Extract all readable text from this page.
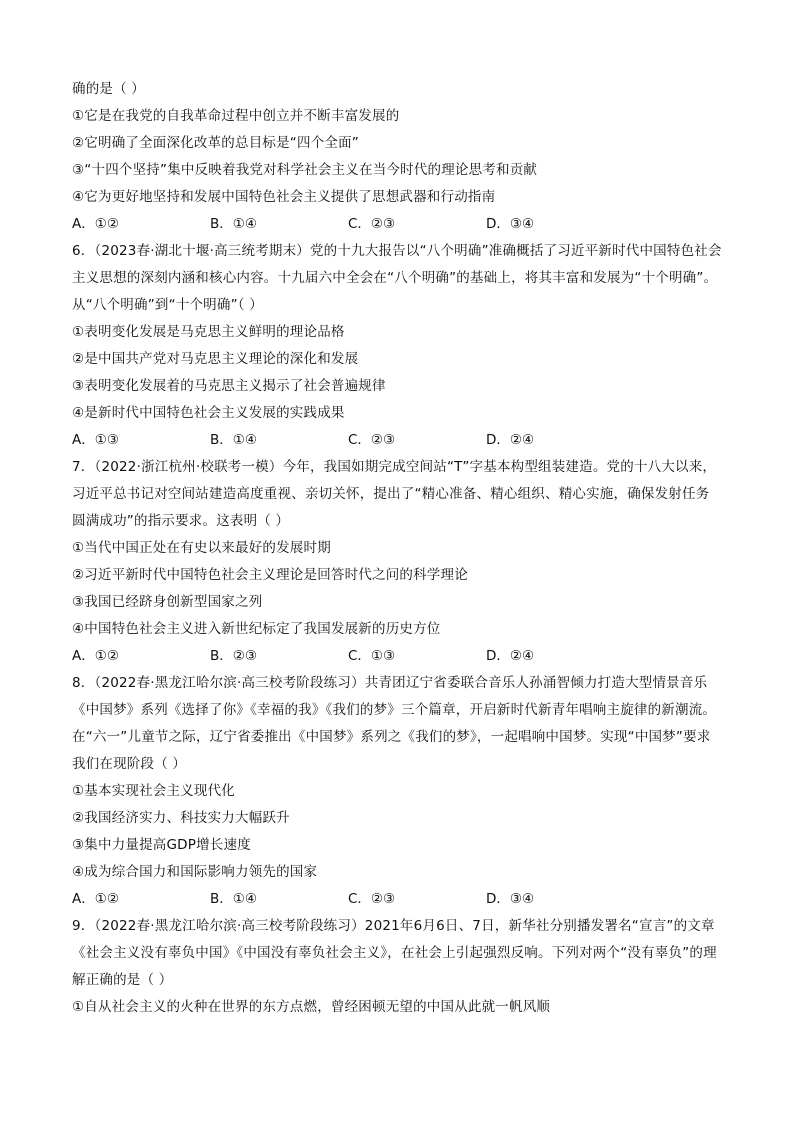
确的是（ ）
①它是在我党的自我革命过程中创立并不断丰富发展的
②它明确了全面深化改革的总目标是“四个全面”
③“十四个坚持”集中反映着我党对科学社会主义在当今时代的理论思考和贡献
④它为更好地坚持和发展中国特色社会主义提供了思想武器和行动指南
A．①②	B．①④	C．②③	D．③④
6．（2023春·湖北十堰·高三统考期末）党的十九大报告以“八个明确”准确概括了习近平新时代中国特色社会
主义思想的深刻内涵和核心内容。十九届六中全会在“八个明确”的基础上，将其丰富和发展为“十个明确”。
从“八个明确”到“十个明确”（ ）
①表明变化发展是马克思主义鲜明的理论品格
②是中国共产党对马克思主义理论的深化和发展
③表明变化发展着的马克思主义揭示了社会普遍规律
④是新时代中国特色社会主义发展的实践成果
A．①③	B．①④	C．②③	D．②④
7．（2022·浙江杭州·校联考一模）今年，我国如期完成空间站“T”字基本构型组装建造。党的十八大以来，
习近平总书记对空间站建造高度重视、亲切关怀，提出了“精心准备、精心组织、精心实施，确保发射任务
圆满成功”的指示要求。这表明（ ）
①当代中国正处在有史以来最好的发展时期
②习近平新时代中国特色社会主义理论是回答时代之问的科学理论
③我国已经跻身创新型国家之列
④中国特色社会主义进入新世纪标定了我国发展新的历史方位
A．①②	B．②③	C．①③	D．②④
8．（2022春·黑龙江哈尔滨·高三校考阶段练习）共青团辽宁省委联合音乐人孙涌智倾力打造大型情景音乐
《中国梦》系列《选择了你》《幸福的我》《我们的梦》三个篇章，开启新时代新青年唱响主旋律的新潮流。
在“六一”儿童节之际，辽宁省委推出《中国梦》系列之《我们的梦》，一起唱响中国梦。实现“中国梦”要求
我们在现阶段（ ）
①基本实现社会主义现代化
②我国经济实力、科技实力大幅跃升
③集中力量提高GDP增长速度
④成为综合国力和国际影响力领先的国家
A．①②	B．①④	C．②③	D．③④
9．（2022春·黑龙江哈尔滨·高三校考阶段练习）2021年6月6日、7日，新华社分别播发署名“宣言”的文章
《社会主义没有辜负中国》《中国没有辜负社会主义》，在社会上引起强烈反响。下列对两个“没有辜负”的理
解正确的是（ ）
①自从社会主义的火种在世界的东方点燃，曾经困顿无望的中国从此就一帆风顺
